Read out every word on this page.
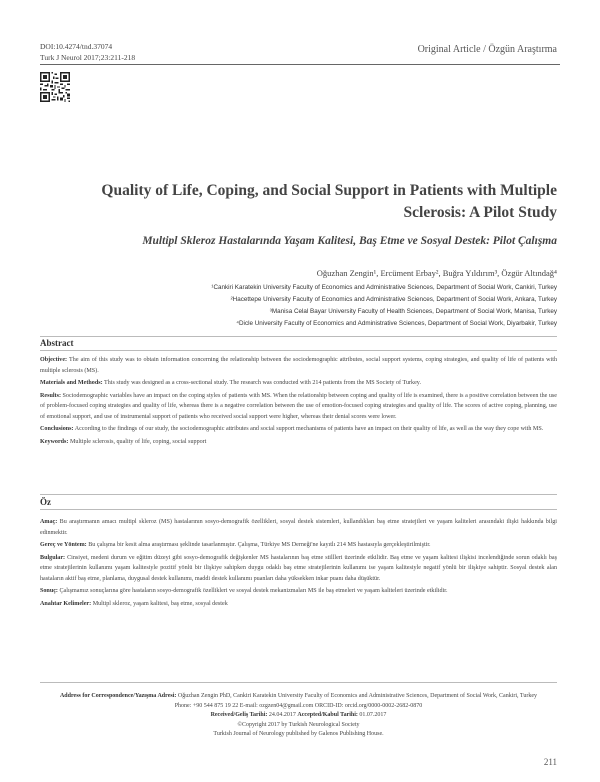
DOI:10.4274/tnd.37074
Turk J Neurol 2017;23:211-218
Original Article / Özgün Araştırma
Quality of Life, Coping, and Social Support in Patients with Multiple Sclerosis: A Pilot Study
Multipl Skleroz Hastalarında Yaşam Kalitesi, Baş Etme ve Sosyal Destek: Pilot Çalışma
Oğuzhan Zengin¹, Ercüment Erbay², Buğra Yıldırım³, Özgür Altındağ⁴
¹Cankiri Karatekin University Faculty of Economics and Administrative Sciences, Department of Social Work, Cankiri, Turkey
²Hacettepe University Faculty of Economics and Administrative Sciences, Department of Social Work, Ankara, Turkey
³Manisa Celal Bayar University Faculty of Health Sciences, Department of Social Work, Manisa, Turkey
⁴Dicle University Faculty of Economics and Administrative Sciences, Department of Social Work, Diyarbakir, Turkey
Abstract

Objective: The aim of this study was to obtain information concerning the relationship between the sociodemographic attributes, social support systems, coping strategies, and quality of life of patients with multiple sclerosis (MS).

Materials and Methods: This study was designed as a cross-sectional study. The research was conducted with 214 patients from the MS Society of Turkey.

Results: Sociodemographic variables have an impact on the coping styles of patients with MS. When the relationship between coping and quality of life is examined, there is a positive correlation between the use of problem-focused coping strategies and quality of life, whereas there is a negative correlation between the use of emotion-focused coping strategies and quality of life. The scores of active coping, planning, use of emotional support, and use of instrumental support of patients who received social support were higher, whereas their denial scores were lower.

Conclusions: According to the findings of our study, the sociodemographic attributes and social support mechanisms of patients have an impact on their quality of life, as well as the way they cope with MS.

Keywords: Multiple sclerosis, quality of life, coping, social support

Öz

Amaç: Bu araştırmanın amacı multipl skleroz (MS) hastalarının sosyo-demografik özellikleri, sosyal destek sistemleri, kullandıkları baş etme stratejileri ve yaşam kaliteleri arasındaki ilişki hakkında bilgi edinmektir.

Gereç ve Yöntem: Bu çalışma bir kesit alma araştırması şeklinde tasarlanmıştır. Çalışma, Türkiye MS Derneği'ne kayıtlı 214 MS hastasıyla gerçekleştirilmiştir.

Bulgular: Cinsiyet, medeni durum ve eğitim düzeyi gibi sosyo-demografik değişkenler MS hastalarının baş etme stillleri üzerinde etkilidir. Baş etme ve yaşam kalitesi ilişkisi incelendiğinde sorun odaklı baş etme stratejilerinin kullanımı yaşam kalitesiyle pozitif yönlü bir ilişkiye sahipken duygu odaklı baş etme stratejilerinin kullanımı ise yaşam kalitesiyle negatif yönlü bir ilişkiye sahiptir. Sosyal destek alan hastaların aktif baş etme, planlama, duygusal destek kullanımı, maddi destek kullanımı puanları daha yüksekken inkar puanı daha düşüktür.

Sonuç: Çalışmamız sonuçlarına göre hastaların sosyo-demografik özellikleri ve sosyal destek mekanizmaları MS ile baş etmeleri ve yaşam kaliteleri üzerinde etkilidir.

Anahtar Kelimeler: Multipl skleroz, yaşam kalitesi, baş etme, sosyal destek

Address for Correspondence/Yazışma Adresi: Oğuzhan Zengin PhD, Cankiri Karatekin University Faculty of Economics and Administrative Sciences, Department of Social Work, Cankiri, Turkey
Phone: +90 544 875 19 22 E-mail: ozgzen04@gmail.com ORCID-ID: orcid.org/0000-0002-2682-0870
Received/Geliş Tarihi: 24.04.2017 Accepted/Kabul Tarihi: 01.07.2017
©Copyright 2017 by Turkish Neurological Society
Turkish Journal of Neurology published by Galenos Publishing House.
211
